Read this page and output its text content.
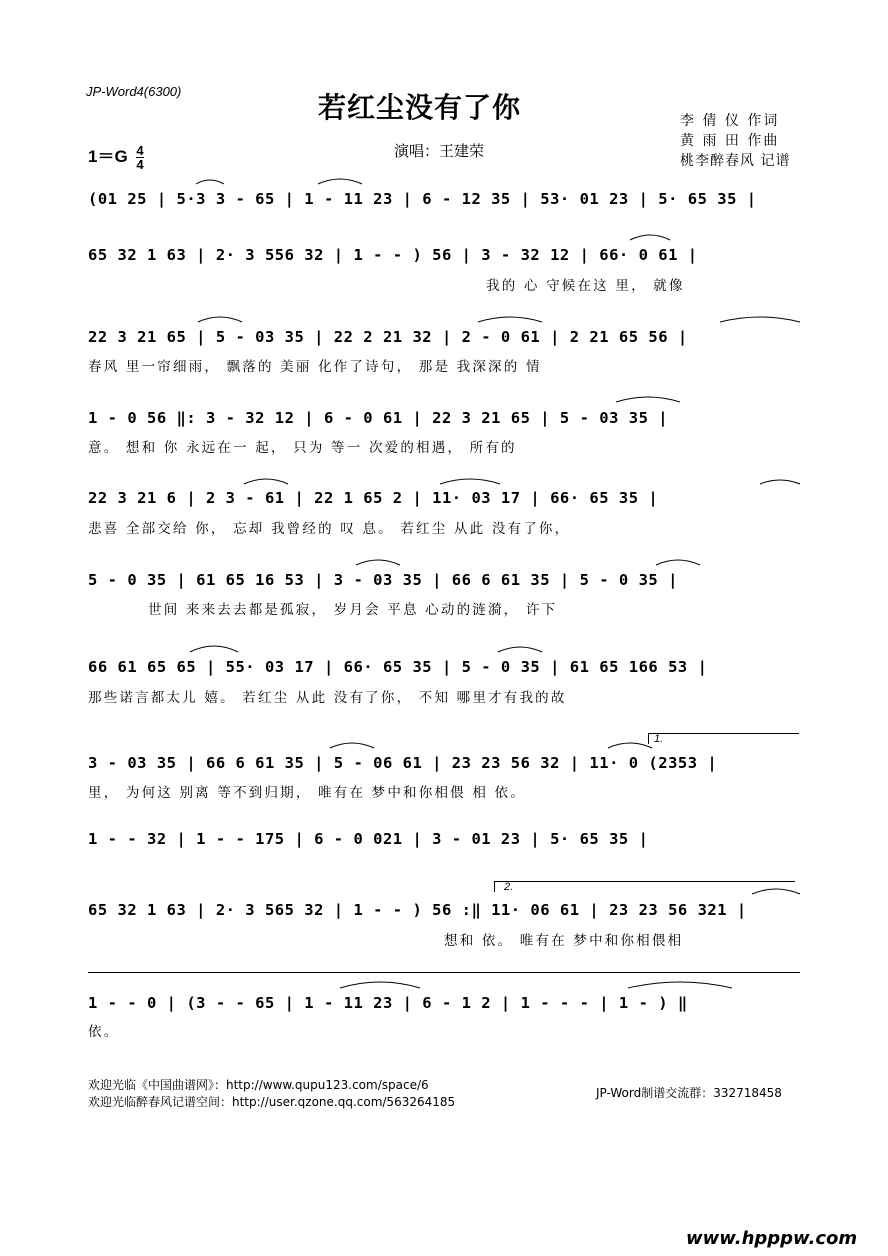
JP-Word4(6300)	若红尘没有了你	李 倩 仪 作词
黄 雨 田 作曲
桃李醉春风 记谱
演唱：王建荣
$1=G \frac{4}{4}$
(01 25 | 5·3 3 - 65 | 1 - 11 23 | 6 - 12 35 | 53· 01 23 | 5· 65 35 |
65 32 1 63 | 2· 3 556 32 | 1 - - ) 56 | 3 - 32 12 | 66· 0 61 |
我的 心 守候在这 里， 就像
22 3 21 65 | 5 - 03 35 | 22 2 21 32 | 2 - 0 61 | 2 21 65 56 |
春风 里一帘细雨， 飘落的 美丽 化作了诗句， 那是 我深深的 情
1 - 0 56 ‖: 3 - 32 12 | 6 - 0 61 | 22 3 21 65 | 5 - 03 35 |
意。 想和 你 永远在一 起， 只为 等一 次爱的相遇， 所有的
22 3 21 6 | 2 3 - 61 | 22 1 65 2 | 11· 03 17 | 66· 65 35 |
悲喜 全部交给 你， 忘却 我曾经的 叹 息。 若红尘 从此 没有了你，
5 - 0 35 | 61 65 16 53 | 3 - 03 35 | 66 6 61 35 | 5 - 0 35 |
世间 来来去去都是孤寂， 岁月会 平息 心动的涟漪， 许下
66 61 65 65 | 55· 03 17 | 66· 65 35 | 5 - 0 35 | 61 65 166 53 |
那些诺言都太儿 嬉。 若红尘 从此 没有了你， 不知 哪里才有我的故
1.
3 - 03 35 | 66 6 61 35 | 5 - 06 61 | 23 23 56 32 | 11· 0 (2353 |
里， 为何这 别离 等不到归期， 唯有在 梦中和你相偎 相 依。
1 - - 32 | 1 - - 175 | 6 - 0 021 | 3 - 01 23 | 5· 65 35 |
2.
65 32 1 63 | 2· 3 565 32 | 1 - - ) 56 :‖ 11· 06 61 | 23 23 56 321 |
想和 依。 唯有在 梦中和你相偎相
1 - - 0 | (3 - - 65 | 1 - 11 23 | 6 - 1 2 | 1 - - - | 1 - ) ‖
依。
欢迎光临《中国曲谱网》：http://www.qupu123.com/space/6
欢迎光临醉春风记谱空间：http://user.qzone.qq.com/563264185
JP-Word制谱交流群：332718458
www.hpppw.com
